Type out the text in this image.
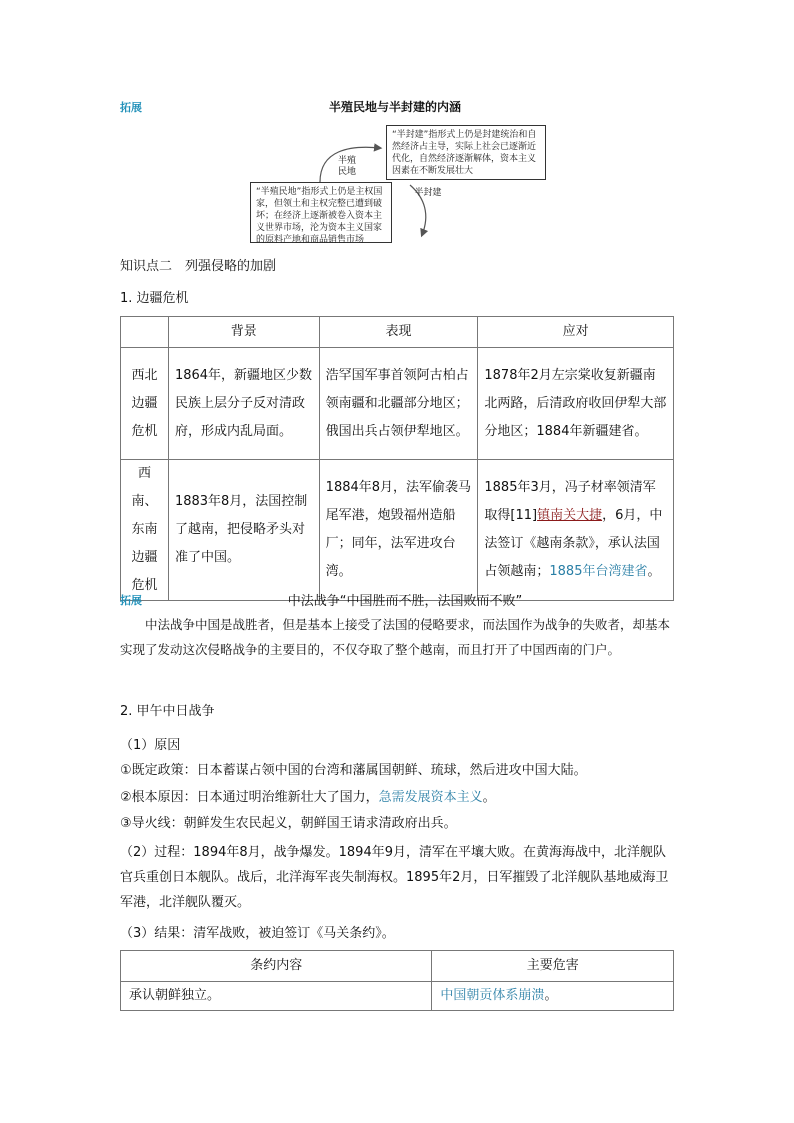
拓展	半殖民地与半封建的内涵
“半封建”指形式上仍是封建统治和自然经济占主导，实际上社会已逐渐近代化，自然经济逐渐解体，资本主义因素在不断发展壮大
“半殖民地”指形式上仍是主权国家，但领土和主权完整已遭到破坏；在经济上逐渐被卷入资本主义世界市场，沦为资本主义国家的原料产地和商品销售市场
半殖
民地
半封建
知识点二　列强侵略的加剧
1. 边疆危机
	背景	表现	应对
西北边疆危机	1864年，新疆地区少数民族上层分子反对清政府，形成内乱局面。	浩罕国军事首领阿古柏占领南疆和北疆部分地区；俄国出兵占领伊犁地区。	1878年2月左宗棠收复新疆南北两路，后清政府收回伊犁大部分地区；1884年新疆建省。
西南、东南边疆危机	1883年8月，法国控制了越南，把侵略矛头对准了中国。	1884年8月，法军偷袭马尾军港，炮毁福州造船厂；同年，法军进攻台湾。	1885年3月，冯子材率领清军取得[11]镇南关大捷，6月，中法签订《越南条款》，承认法国占领越南；1885年台湾建省。
拓展	中法战争“中国胜而不胜，法国败而不败”
中法战争中国是战胜者，但是基本上接受了法国的侵略要求，而法国作为战争的失败者，却基本实现了发动这次侵略战争的主要目的，不仅夺取了整个越南，而且打开了中国西南的门户。
2. 甲午中日战争
（1）原因
①既定政策：日本蓄谋占领中国的台湾和藩属国朝鲜、琉球，然后进攻中国大陆。
②根本原因：日本通过明治维新壮大了国力，急需发展资本主义。
③导火线：朝鲜发生农民起义，朝鲜国王请求清政府出兵。
（2）过程：1894年8月，战争爆发。1894年9月，清军在平壤大败。在黄海海战中，北洋舰队官兵重创日本舰队。战后，北洋海军丧失制海权。1895年2月，日军摧毁了北洋舰队基地威海卫军港，北洋舰队覆灭。
（3）结果：清军战败，被迫签订《马关条约》。
条约内容	主要危害
承认朝鲜独立。	中国朝贡体系崩溃。
